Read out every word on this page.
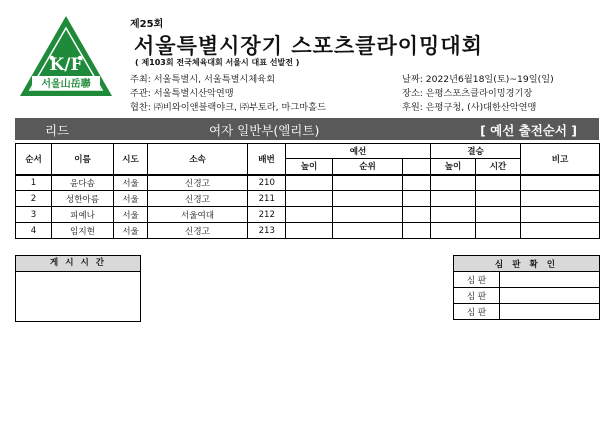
K/F
서울山岳聯
제25회
서울특별시장기 스포츠클라이밍대회
( 제103회 전국체육대회 서울시 대표 선발전 )
주최: 서울특별시, 서울특별시체육회
주관: 서울특별시산악연맹
협찬: ㈜비와이앤블랙야크, ㈜부토라, 마그마홀드
날짜: 2022년6월18일(토)~19일(일)
장소: 은평스포츠클라이밍경기장
후원: 은평구청, (사)대한산악연맹
리드	여자 일반부(엘리트)	[ 예선 출전순서 ]
순서	이름	시도	소속	배번	예선			결승		비고
					높이	순위		높이	시간	
1	윤다솜	서울	신경고	210						
2	성한아름	서울	신경고	211						
3	피예나	서울	서울여대	212						
4	임지현	서울	신경고	213						
게 시 시 간	심 판 확 인	
심 판	
심 판	
심 판	
